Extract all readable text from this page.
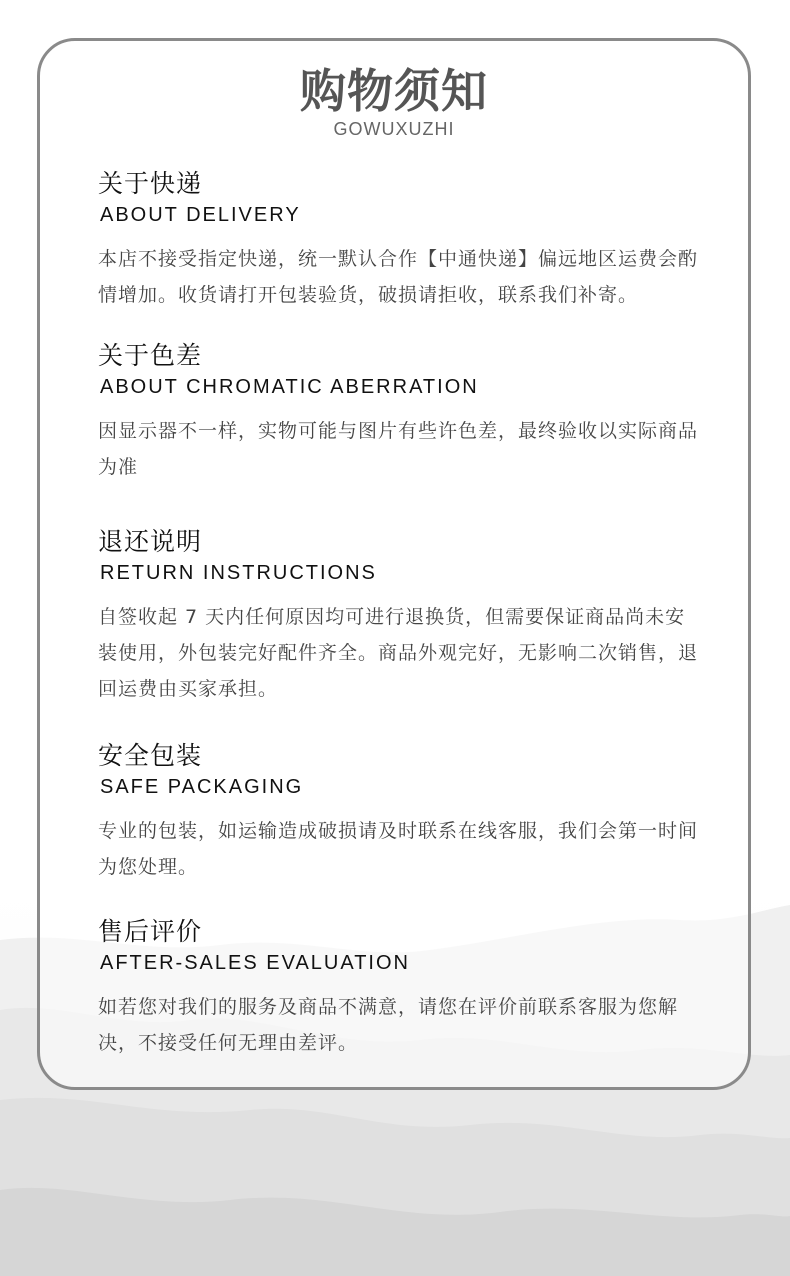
购物须知
GOWUXUZHI
关于快递
ABOUT DELIVERY
本店不接受指定快递，统一默认合作【中通快递】偏远地区运费会酌情增加。收货请打开包装验货，破损请拒收，联系我们补寄。
关于色差
ABOUT CHROMATIC ABERRATION
因显示器不一样，实物可能与图片有些许色差，最终验收以实际商品为准
退还说明
RETURN INSTRUCTIONS
自签收起 7 天内任何原因均可进行退换货，但需要保证商品尚未安装使用，外包装完好配件齐全。商品外观完好，无影响二次销售，退回运费由买家承担。
安全包装
SAFE PACKAGING
专业的包装，如运输造成破损请及时联系在线客服，我们会第一时间为您处理。
售后评价
AFTER-SALES EVALUATION
如若您对我们的服务及商品不满意，请您在评价前联系客服为您解决，不接受任何无理由差评。
